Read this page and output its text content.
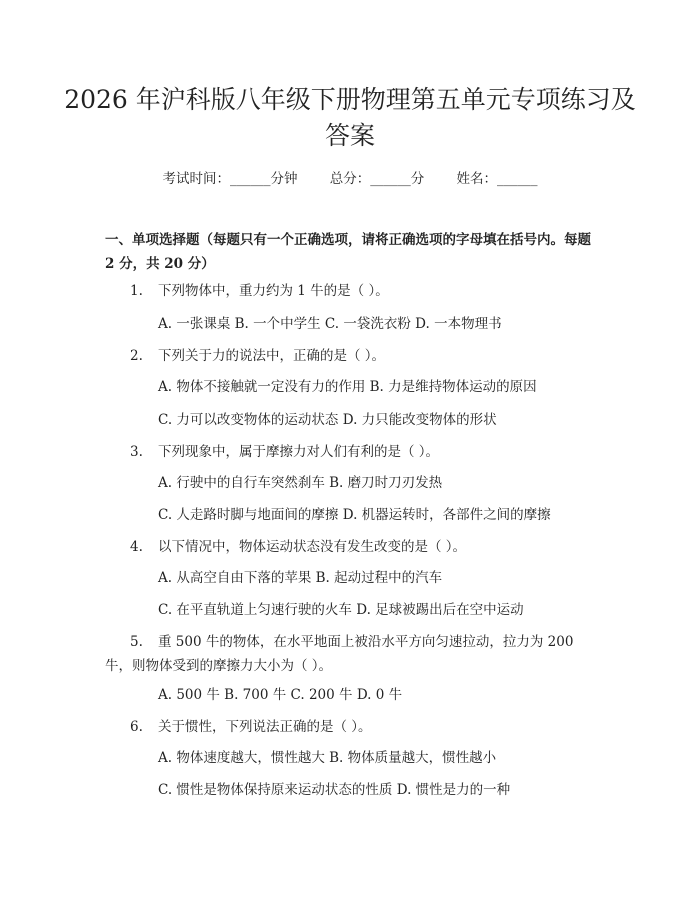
2026 年沪科版八年级下册物理第五单元专项练习及答案
考试时间：______分钟 总分：______分 姓名：______
一、单项选择题（每题只有一个正确选项，请将正确选项的字母填在括号内。每题 2 分，共 20 分）
1. 下列物体中，重力约为 1 牛的是（ ）。
A. 一张课桌 B. 一个中学生 C. 一袋洗衣粉 D. 一本物理书
2. 下列关于力的说法中，正确的是（ ）。
A. 物体不接触就一定没有力的作用 B. 力是维持物体运动的原因
C. 力可以改变物体的运动状态 D. 力只能改变物体的形状
3. 下列现象中，属于摩擦力对人们有利的是（ ）。
A. 行驶中的自行车突然刹车 B. 磨刀时刀刃发热
C. 人走路时脚与地面间的摩擦 D. 机器运转时，各部件之间的摩擦
4. 以下情况中，物体运动状态没有发生改变的是（ ）。
A. 从高空自由下落的苹果 B. 起动过程中的汽车
C. 在平直轨道上匀速行驶的火车 D. 足球被踢出后在空中运动
5. 重 500 牛的物体，在水平地面上被沿水平方向匀速拉动，拉力为 200 牛，则物体受到的摩擦力大小为（ ）。
A. 500 牛 B. 700 牛 C. 200 牛 D. 0 牛
6. 关于惯性，下列说法正确的是（ ）。
A. 物体速度越大，惯性越大 B. 物体质量越大，惯性越小
C. 惯性是物体保持原来运动状态的性质 D. 惯性是力的一种
